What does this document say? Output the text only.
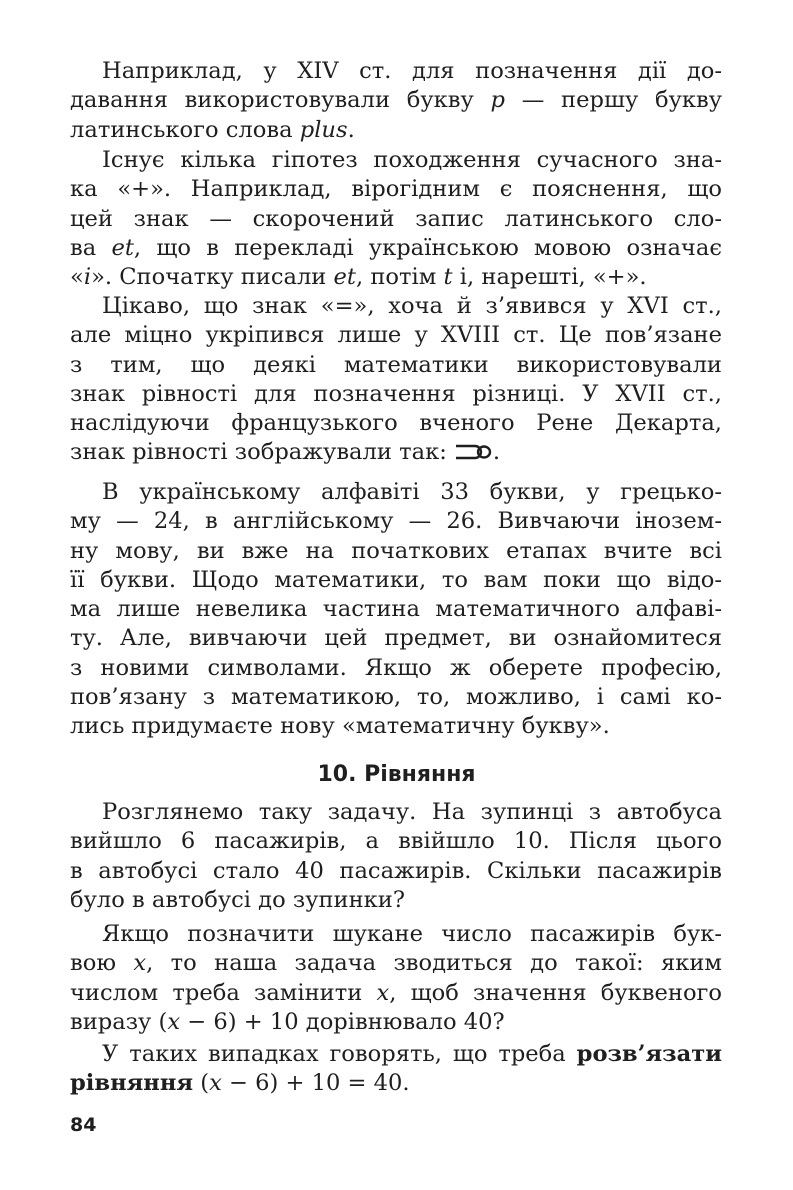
Наприклад, у XIV ст. для позначення дії до-
давання використовували букву p — першу букву
латинського слова plus.
Існує кілька гіпотез походження сучасного зна-
ка «+». Наприклад, вірогідним є пояснення, що
цей знак — скорочений запис латинського сло-
ва et, що в перекладі українською мовою означає
«і». Спочатку писали et, потім t і, нарешті, «+».
Цікаво, що знак «=», хоча й з’явився у XVI ст.,
але міцно укріпився лише у XVIII ст. Це пов’язане
з тим, що деякі математики використовували
знак рівності для позначення різниці. У XVII ст.,
наслідуючи французького вченого Рене Декарта,
знак рівності зображували так: .
В українському алфавіті 33 букви, у грецько-
му — 24, в англійському — 26. Вивчаючи інозем-
ну мову, ви вже на початкових етапах вчите всі
її букви. Щодо математики, то вам поки що відо-
ма лише невелика частина математичного алфаві-
ту. Але, вивчаючи цей предмет, ви ознайомитеся
з новими символами. Якщо ж оберете професію,
пов’язану з математикою, то, можливо, і самі ко-
лись придумаєте нову «математичну букву».
10. Рівняння
Розглянемо таку задачу. На зупинці з автобуса
вийшло 6 пасажирів, а ввійшло 10. Після цього
в автобусі стало 40 пасажирів. Скільки пасажирів
було в автобусі до зупинки?
Якщо позначити шукане число пасажирів бук-
вою x, то наша задача зводиться до такої: яким
числом треба замінити x, щоб значення буквеного
виразу (x − 6) + 10 дорівнювало 40?
У таких випадках говорять, що треба розв’язати
рівняння (x − 6) + 10 = 40.
84
